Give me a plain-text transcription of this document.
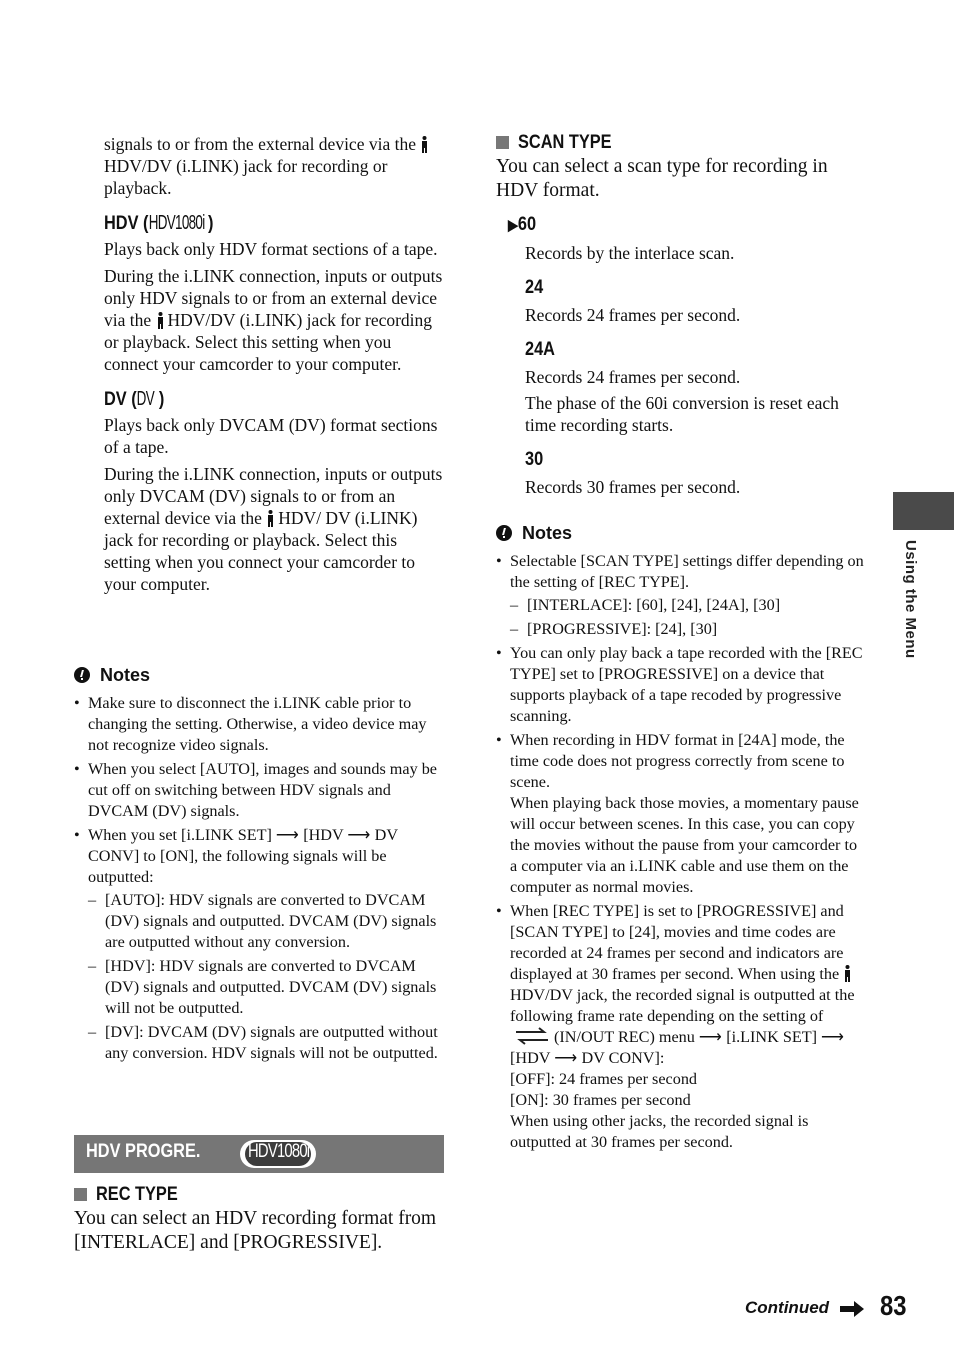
signals to or from the external device via the HDV/DV (i.LINK) jack for recording or playback.

HDV (HDV1080i )

Plays back only HDV format sections of a tape.

During the i.LINK connection, inputs or outputs only HDV signals to or from an external device via the HDV/DV (i.LINK) jack for recording or playback. Select this setting when you connect your camcorder to your computer.

DV (DV )

Plays back only DVCAM (DV) format sections of a tape.

During the i.LINK connection, inputs or outputs only DVCAM (DV) signals to or from an external device via the HDV/ DV (i.LINK) jack for recording or playback. Select this setting when you connect your camcorder to your computer.

Notes
• Make sure to disconnect the i.LINK cable prior to changing the setting. Otherwise, a video device may not recognize video signals.
• When you select [AUTO], images and sounds may be cut off on switching between HDV signals and DVCAM (DV) signals.
• When you set [i.LINK SET] ⟶ [HDV ⟶ DV CONV] to [ON], the following signals will be outputted:
– [AUTO]: HDV signals are converted to DVCAM (DV) signals and outputted. DVCAM (DV) signals are outputted without any conversion.
– [HDV]: HDV signals are converted to DVCAM (DV) signals and outputted. DVCAM (DV) signals will not be outputted.
– [DV]: DVCAM (DV) signals are outputted without any conversion. HDV signals will not be outputted.
HDV PROGRE.	HDV1080i
REC TYPE

You can select an HDV recording format from [INTERLACE] and [PROGRESSIVE].

SCAN TYPE

You can select a scan type for recording in HDV format.

▶60

Records by the interlace scan.

24

Records 24 frames per second.

24A

Records 24 frames per second.

The phase of the 60i conversion is reset each time recording starts.

30

Records 30 frames per second.

Notes
• Selectable [SCAN TYPE] settings differ depending on the setting of [REC TYPE].
– [INTERLACE]: [60], [24], [24A], [30]
– [PROGRESSIVE]: [24], [30]
• You can only play back a tape recorded with the [REC TYPE] set to [PROGRESSIVE] on a device that supports playback of a tape recoded by progressive scanning.
• When recording in HDV format in [24A] mode, the time code does not progress correctly from scene to scene.
When playing back those movies, a momentary pause will occur between scenes. In this case, you can copy the movies without the pause from your camcorder to a computer via an i.LINK cable and use them on the computer as normal movies.
• When [REC TYPE] is set to [PROGRESSIVE] and [SCAN TYPE] to [24], movies and time codes are recorded at 24 frames per second and indicators are displayed at 30 frames per second. When using the HDV/DV jack, the recorded signal is outputted at the following frame rate depending on the setting of (IN/OUT REC) menu ⟶ [i.LINK SET] ⟶ [HDV ⟶ DV CONV]:
[OFF]: 24 frames per second
[ON]: 30 frames per second
When using other jacks, the recorded signal is outputted at 30 frames per second.
Using the Menu
Continued 83
